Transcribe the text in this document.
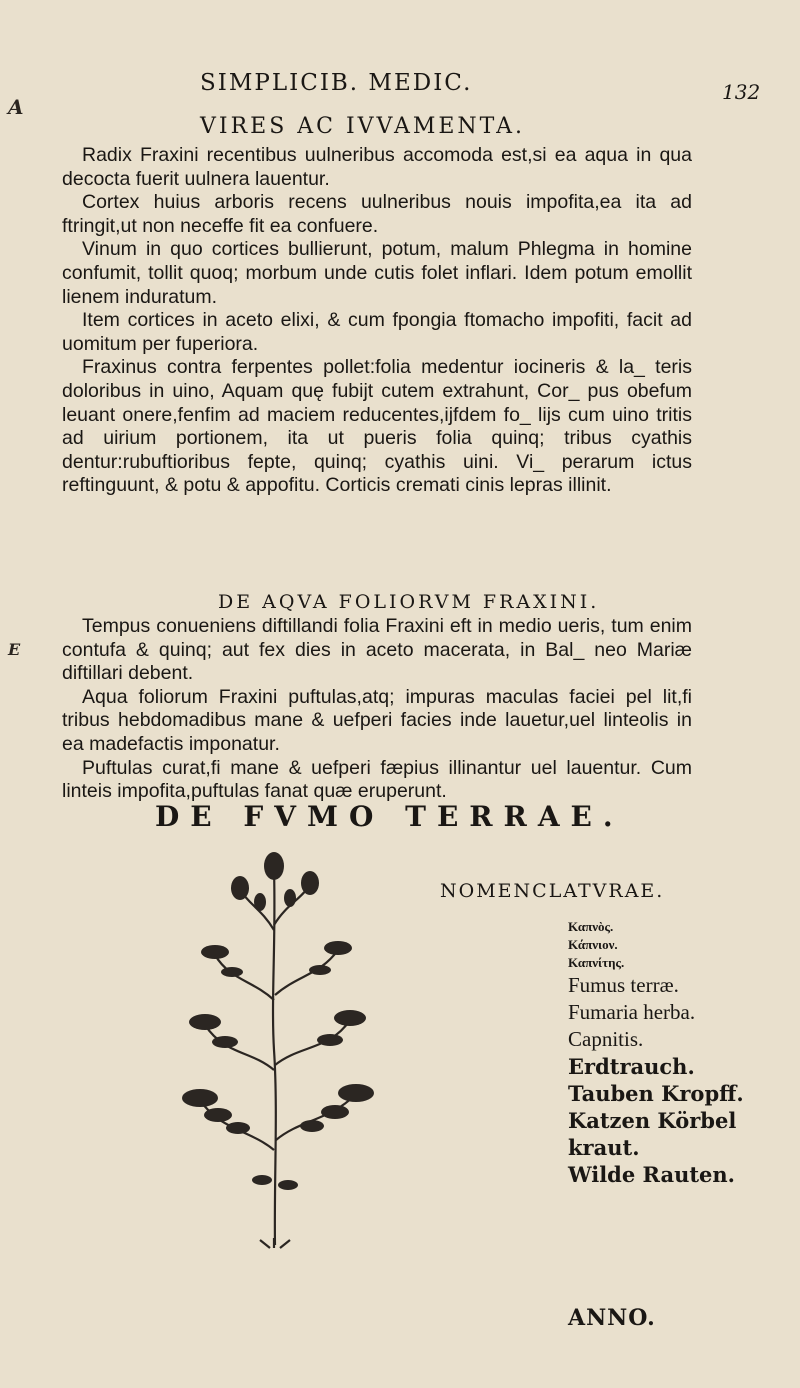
A
E
SIMPLICIB. MEDIC.	132
VIRES AC IVVAMENTA.

Radix Fraxini recentibus uulneribus accomoda est,si ea aqua in qua decocta fuerit uulnera lauentur.

Cortex huius arboris recens uulneribus nouis impofita,ea ita ad ftringit,ut non neceffe fit ea confuere.

Vinum in quo cortices bullierunt, potum, malum Phlegma in homine confumit, tollit quoq; morbum unde cutis folet inflari. Idem potum emollit lienem induratum.

Item cortices in aceto elixi, & cum fpongia ftomacho impofiti, facit ad uomitum per fuperiora.

Fraxinus contra ferpentes pollet:folia medentur iocineris & la_ teris doloribus in uino, Aquam quę fubijt cutem extrahunt, Cor_ pus obefum leuant onere,fenfim ad maciem reducentes,ijfdem fo_ lijs cum uino tritis ad uirium portionem, ita ut pueris folia quinq; tribus cyathis dentur:rubuftioribus fepte, quinq; cyathis uini. Vi_ perarum ictus reftinguunt, & potu & appofitu. Corticis cremati cinis lepras illinit.

DE AQVA FOLIORVM FRAXINI.

Tempus conueniens diftillandi folia Fraxini eft in medio ueris, tum enim contufa & quinq; aut fex dies in aceto macerata, in Bal_ neo Mariæ diftillari debent.

Aqua foliorum Fraxini puftulas,atq; impuras maculas faciei pel lit,fi tribus hebdomadibus mane & uefperi facies inde lauetur,uel linteolis in ea madefactis imponatur.

Puftulas curat,fi mane & uefperi fæpius illinantur uel lauentur. Cum linteis impofita,puftulas fanat quæ eruperunt.

DE FVMO TERRAE.
NOMENCLATVRAE.
Καπνὸς.
Κάπνιον.
Καπνίτης.
Fumus terræ.
Fumaria herba.
Capnitis.
Erdtrauch.
Tauben Kropff.
Katzen Körbel kraut.
Wilde Rauten.
ANNO.
